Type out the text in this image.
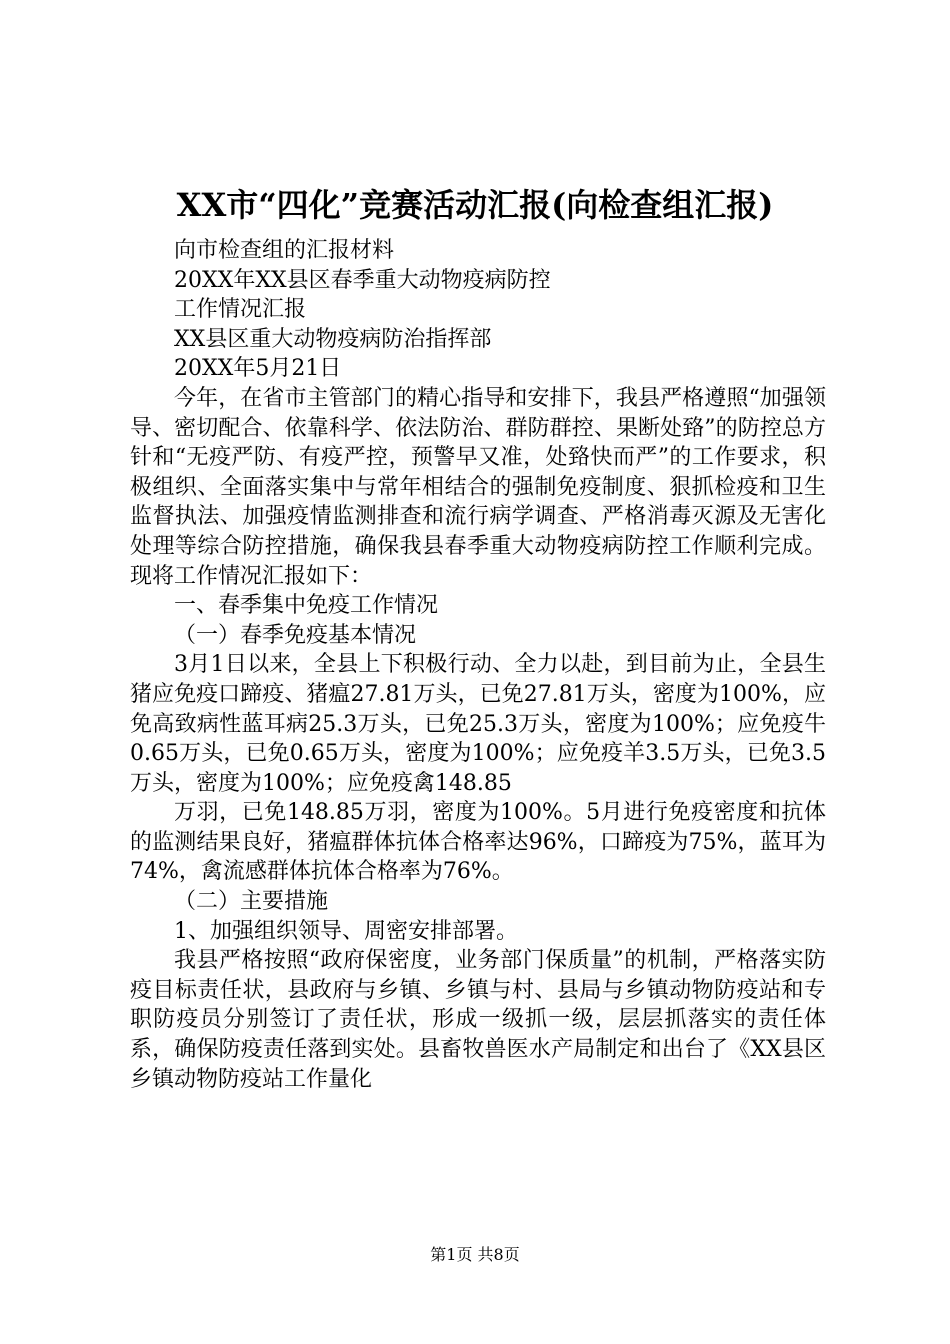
XX市“四化”竞赛活动汇报(向检查组汇报)
向市检查组的汇报材料
20XX年XX县区春季重大动物疫病防控
工作情况汇报
XX县区重大动物疫病防治指挥部
20XX年5月21日
今年，在省市主管部门的精心指导和安排下，我县严格遵照“加强领导、密切配合、依靠科学、依法防治、群防群控、果断处臵”的防控总方针和“无疫严防、有疫严控，预警早又准，处臵快而严”的工作要求，积极组织、全面落实集中与常年相结合的强制免疫制度、狠抓检疫和卫生监督执法、加强疫情监测排查和流行病学调查、严格消毒灭源及无害化处理等综合防控措施，确保我县春季重大动物疫病防控工作顺利完成。现将工作情况汇报如下：
一、春季集中免疫工作情况
（一）春季免疫基本情况
3月1日以来，全县上下积极行动、全力以赴，到目前为止，全县生猪应免疫口蹄疫、猪瘟27.81万头，已免27.81万头，密度为100%，应免高致病性蓝耳病25.3万头，已免25.3万头，密度为100%；应免疫牛0.65万头，已免0.65万头，密度为100%；应免疫羊3.5万头，已免3.5万头，密度为100%；应免疫禽148.85
万羽，已免148.85万羽，密度为100%。5月进行免疫密度和抗体的监测结果良好，猪瘟群体抗体合格率达96%，口蹄疫为75%，蓝耳为74%，禽流感群体抗体合格率为76%。
（二）主要措施
1、加强组织领导、周密安排部署。
我县严格按照“政府保密度，业务部门保质量”的机制，严格落实防疫目标责任状，县政府与乡镇、乡镇与村、县局与乡镇动物防疫站和专职防疫员分别签订了责任状，形成一级抓一级，层层抓落实的责任体系，确保防疫责任落到实处。县畜牧兽医水产局制定和出台了《XX县区乡镇动物防疫站工作量化
第1页 共8页
